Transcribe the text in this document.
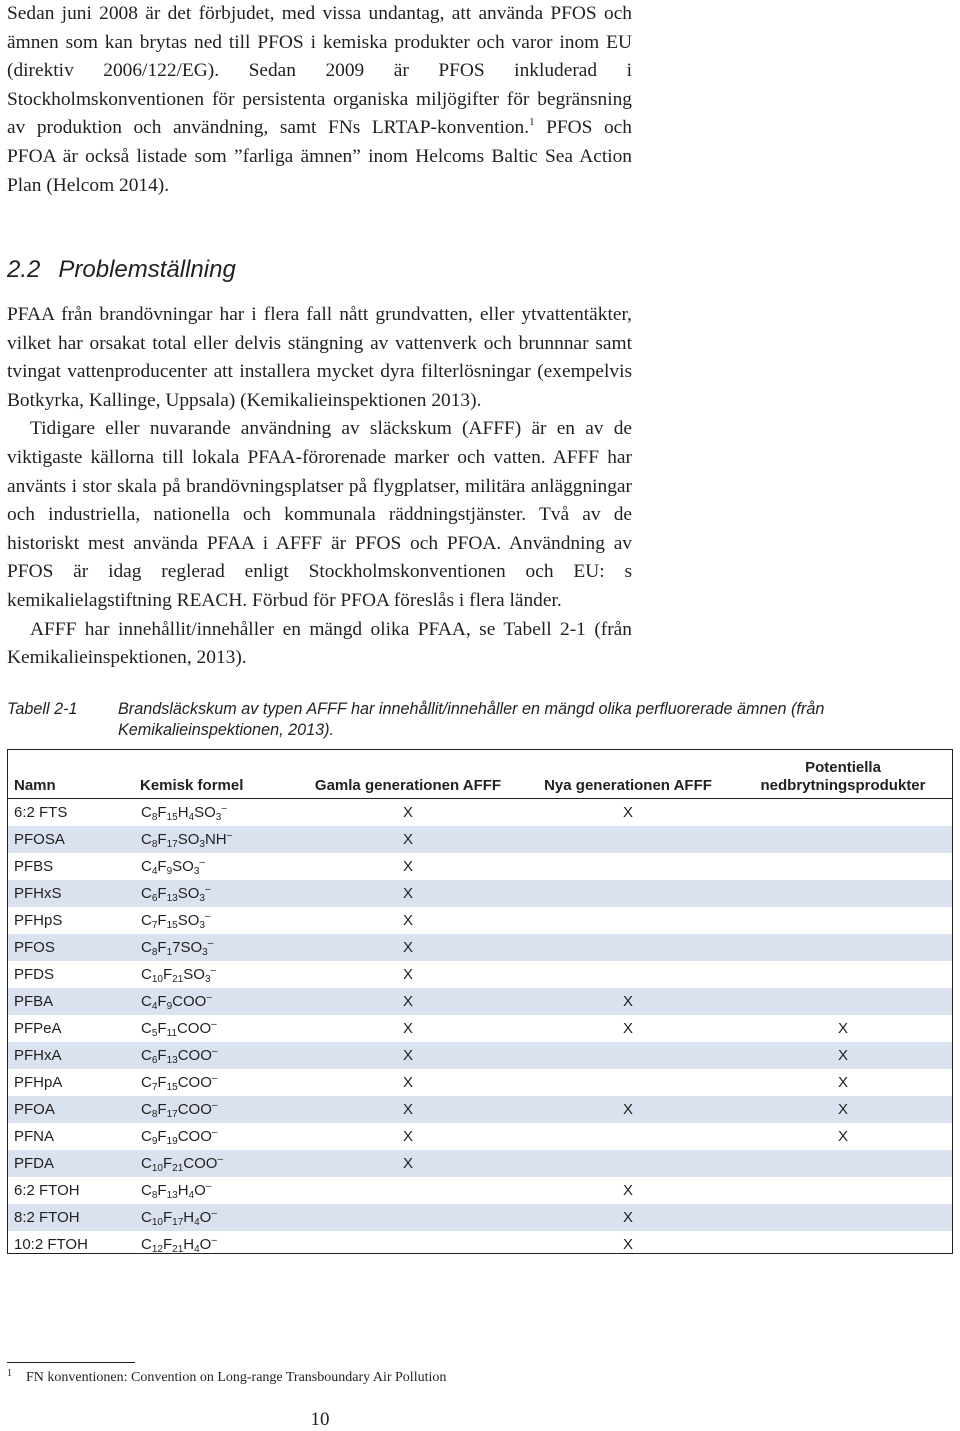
Sedan juni 2008 är det förbjudet, med vissa undantag, att använda PFOS och ämnen som kan brytas ned till PFOS i kemiska produkter och varor inom EU (direktiv 2006/122/EG). Sedan 2009 är PFOS inkluderad i Stockholmskonventionen för persistenta organiska miljögifter för begränsning av produktion och användning, samt FNs LRTAP-konvention.$^1$ PFOS och PFOA är också listade som ”farliga ämnen” inom Helcoms Baltic Sea Action Plan (Helcom 2014).

2.2 Problemställning

PFAA från brandövningar har i flera fall nått grundvatten, eller ytvattentäkter, vilket har orsakat total eller delvis stängning av vattenverk och brunnnar samt tvingat vattenproducenter att installera mycket dyra filterlösningar (exempelvis Botkyrka, Kallinge, Uppsala) (Kemikalieinspektionen 2013).

Tidigare eller nuvarande användning av släckskum (AFFF) är en av de viktigaste källorna till lokala PFAA-förorenade marker och vatten. AFFF har använts i stor skala på brandövningsplatser på flygplatser, militära anläggningar och industriella, nationella och kommunala räddningstjänster. Två av de historiskt mest använda PFAA i AFFF är PFOS och PFOA. Användning av PFOS är idag reglerad enligt Stockholmskonventionen och EU: s kemikalielagstiftning REACH. Förbud för PFOA föreslås i flera länder.

AFFF har innehållit/innehåller en mängd olika PFAA, se Tabell 2-1 (från Kemikalieinspektionen, 2013).

Tabell 2-1	Brandsläckskum av typen AFFF har innehållit/innehåller en mängd olika perfluorerade ämnen (från Kemikalieinspektionen, 2013).
Namn	Kemisk formel	Gamla generationen AFFF	Nya generationen AFFF	Potentiella nedbrytningsprodukter
6:2 FTS	$C_8F_{15}H_4SO_3^-$	X	X	
PFOSA	$C_8F_{17}SO_3NH^-$	X		
PFBS	$C_4F_9SO_3^-$	X		
PFHxS	$C_6F_{13}SO_3^-$	X		
PFHpS	$C_7F_{15}SO_3^-$	X		
PFOS	$C_8F_17SO_3^-$	X		
PFDS	$C_{10}F_{21}SO_3^-$	X		
PFBA	$C_4F_9COO^-$	X	X	
PFPeA	$C_5F_{11}COO^-$	X	X	X
PFHxA	$C_6F_{13}COO^-$	X		X
PFHpA	$C_7F_{15}COO^-$	X		X
PFOA	$C_8F_{17}COO^-$	X	X	X
PFNA	$C_9F_{19}COO^-$	X		X
PFDA	$C_{10}F_{21}COO^-$	X		
6:2 FTOH	$C_8F_{13}H_4O^-$		X	
8:2 FTOH	$C_{10}F_{17}H_4O^-$		X	
10:2 FTOH	$C_{12}F_{21}H_4O^-$		X	
$^1$ FN konventionen: Convention on Long-range Transboundary Air Pollution
10
